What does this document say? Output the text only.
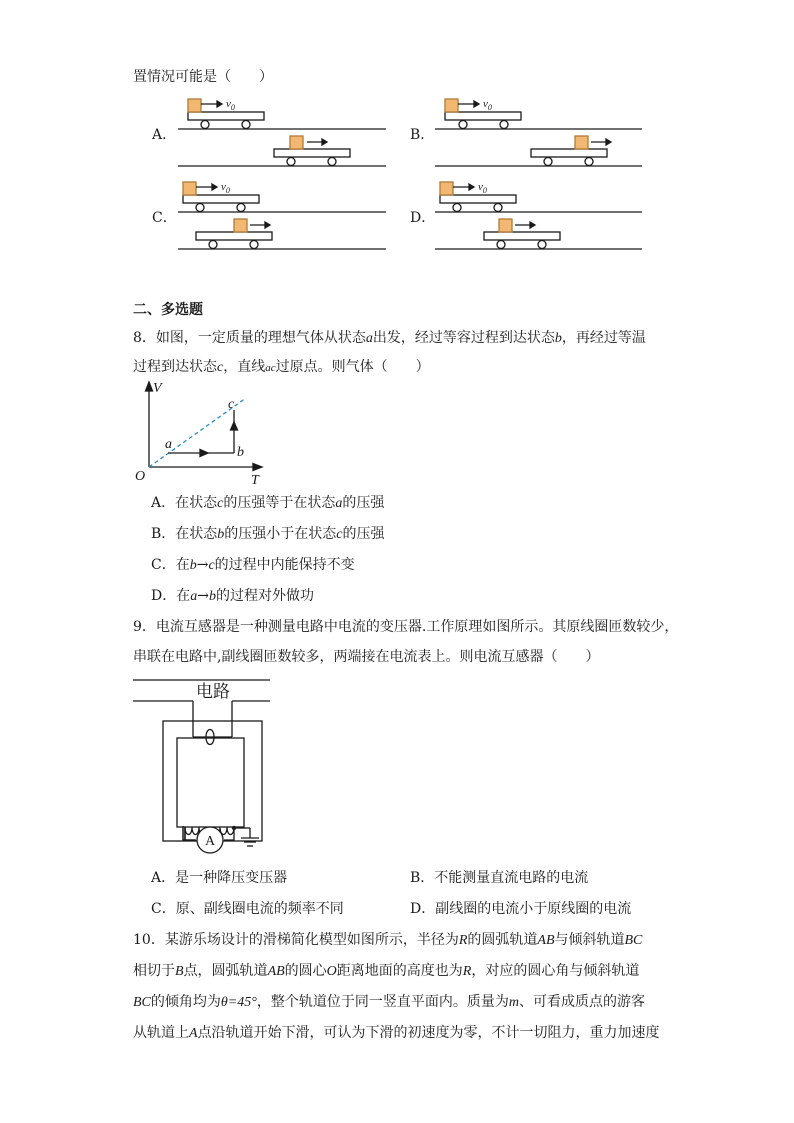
置情况可能是（　　）
A．	B．
C．	D．
$v_0$	$v_0$
$v_0$	$v_0$
二、多选题
8．如图，一定质量的理想气体从状态a出发，经过等容过程到达状态b，再经过等温
过程到达状态c，直线ac过原点。则气体（　　）
V
T
O
a
b
c
A．在状态c的压强等于在状态a的压强
B．在状态b的压强小于在状态c的压强
C．在b→c的过程中内能保持不变
D．在a→b的过程对外做功
9．电流互感器是一种测量电路中电流的变压器.工作原理如图所示。其原线圈匝数较少，
串联在电路中,副线圈匝数较多，两端接在电流表上。则电流互感器（　　）
电路
A
A．是一种降压变压器	B．不能测量直流电路的电流
C．原、副线圈电流的频率不同	D．副线圈的电流小于原线圈的电流
10．某游乐场设计的滑梯简化模型如图所示，半径为R的圆弧轨道AB与倾斜轨道BC
相切于B点，圆弧轨道AB的圆心O距离地面的高度也为R，对应的圆心角与倾斜轨道
BC的倾角均为θ=45°，整个轨道位于同一竖直平面内。质量为m、可看成质点的游客
从轨道上A点沿轨道开始下滑，可认为下滑的初速度为零，不计一切阻力，重力加速度
